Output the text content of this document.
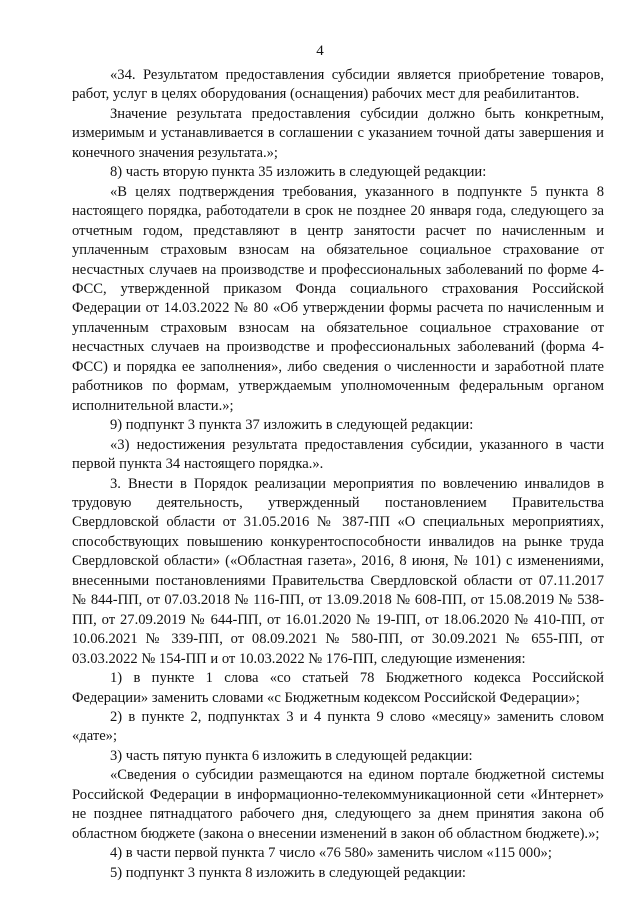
4

«34. Результатом предоставления субсидии является приобретение товаров, работ, услуг в целях оборудования (оснащения) рабочих мест для реабилитантов.

Значение результата предоставления субсидии должно быть конкретным, измеримым и устанавливается в соглашении с указанием точной даты завершения и конечного значения результата.»;

8) часть вторую пункта 35 изложить в следующей редакции:

«В целях подтверждения требования, указанного в подпункте 5 пункта 8 настоящего порядка, работодатели в срок не позднее 20 января года, следующего за отчетным годом, представляют в центр занятости расчет по начисленным и уплаченным страховым взносам на обязательное социальное страхование от несчастных случаев на производстве и профессиональных заболеваний по форме 4-ФСС, утвержденной приказом Фонда социального страхования Российской Федерации от 14.03.2022 № 80 «Об утверждении формы расчета по начисленным и уплаченным страховым взносам на обязательное социальное страхование от несчастных случаев на производстве и профессиональных заболеваний (форма 4-ФСС) и порядка ее заполнения», либо сведения о численности и заработной плате работников по формам, утверждаемым уполномоченным федеральным органом исполнительной власти.»;

9) подпункт 3 пункта 37 изложить в следующей редакции:

«3) недостижения результата предоставления субсидии, указанного в части первой пункта 34 настоящего порядка.».

3. Внести в Порядок реализации мероприятия по вовлечению инвалидов в трудовую деятельность, утвержденный постановлением Правительства Свердловской области от 31.05.2016 № 387-ПП «О специальных мероприятиях, способствующих повышению конкурентоспособности инвалидов на рынке труда Свердловской области» («Областная газета», 2016, 8 июня, № 101) с изменениями, внесенными постановлениями Правительства Свердловской области от 07.11.2017 № 844-ПП, от 07.03.2018 № 116-ПП, от 13.09.2018 № 608-ПП, от 15.08.2019 № 538-ПП, от 27.09.2019 № 644-ПП, от 16.01.2020 № 19-ПП, от 18.06.2020 № 410-ПП, от 10.06.2021 № 339-ПП, от 08.09.2021 № 580-ПП, от 30.09.2021 № 655-ПП, от 03.03.2022 № 154-ПП и от 10.03.2022 № 176-ПП, следующие изменения:

1) в пункте 1 слова «со статьей 78 Бюджетного кодекса Российской Федерации» заменить словами «с Бюджетным кодексом Российской Федерации»;

2) в пункте 2, подпунктах 3 и 4 пункта 9 слово «месяцу» заменить словом «дате»;

3) часть пятую пункта 6 изложить в следующей редакции:

«Сведения о субсидии размещаются на едином портале бюджетной системы Российской Федерации в информационно-телекоммуникационной сети «Интернет» не позднее пятнадцатого рабочего дня, следующего за днем принятия закона об областном бюджете (закона о внесении изменений в закон об областном бюджете).»;

4) в части первой пункта 7 число «76 580» заменить числом «115 000»;

5) подпункт 3 пункта 8 изложить в следующей редакции:
